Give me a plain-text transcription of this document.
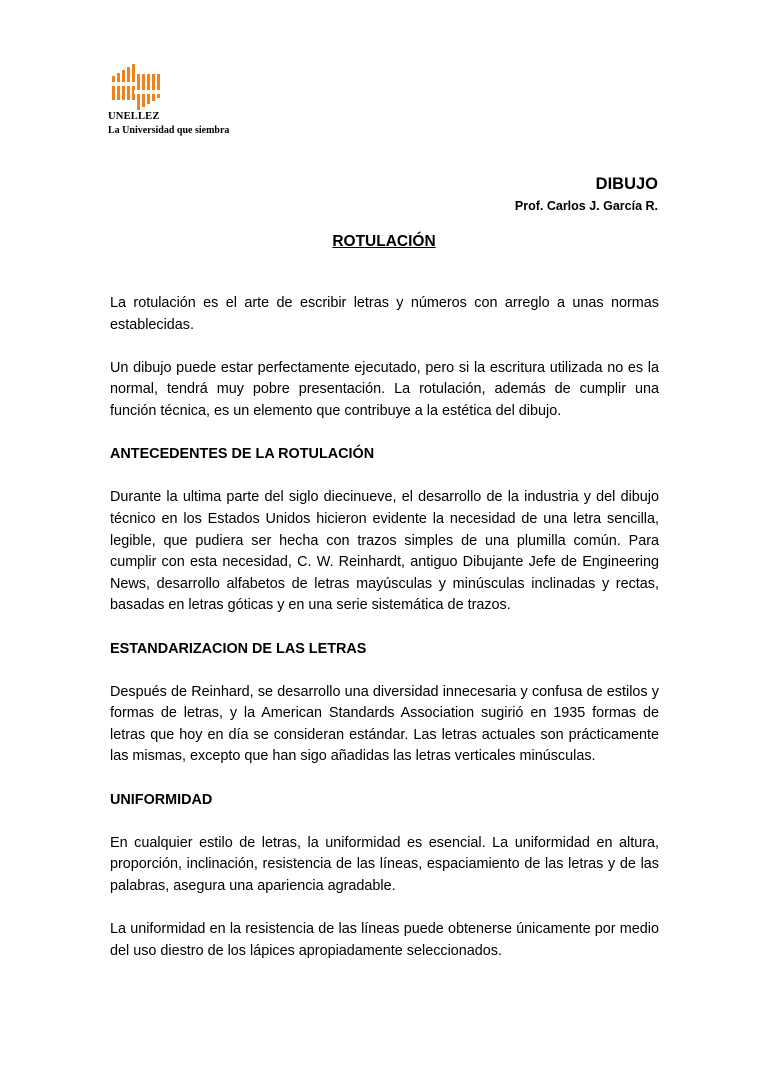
UNELLEZ
La Universidad que siembra
DIBUJO
Prof. Carlos J. García R.
ROTULACIÓN

La rotulación es el arte de escribir letras y números con arreglo a unas normas establecidas.

Un dibujo puede estar perfectamente ejecutado, pero si la escritura utilizada no es la normal, tendrá muy pobre presentación. La rotulación, además de cumplir una función técnica, es un elemento que contribuye a la estética del dibujo.

ANTECEDENTES DE LA ROTULACIÓN

Durante la ultima parte del siglo diecinueve, el desarrollo de la industria y del dibujo técnico en los Estados Unidos hicieron evidente la necesidad de una letra sencilla, legible, que pudiera ser hecha con trazos simples de una plumilla común. Para cumplir con esta necesidad, C. W. Reinhardt, antiguo Dibujante Jefe de Engineering News, desarrollo alfabetos de letras mayúsculas y minúsculas inclinadas y rectas, basadas en letras góticas y en una serie sistemática de trazos.

ESTANDARIZACION DE LAS LETRAS

Después de Reinhard, se desarrollo una diversidad innecesaria y confusa de estilos y formas de letras, y la American Standards Association sugirió en 1935 formas de letras que hoy en día se consideran estándar. Las letras actuales son prácticamente las mismas, excepto que han sigo añadidas las letras verticales minúsculas.

UNIFORMIDAD

En cualquier estilo de letras, la uniformidad es esencial. La uniformidad en altura, proporción, inclinación, resistencia de las líneas, espaciamiento de las letras y de las palabras, asegura una apariencia agradable.

La uniformidad en la resistencia de las líneas puede obtenerse únicamente por medio del uso diestro de los lápices apropiadamente seleccionados.
